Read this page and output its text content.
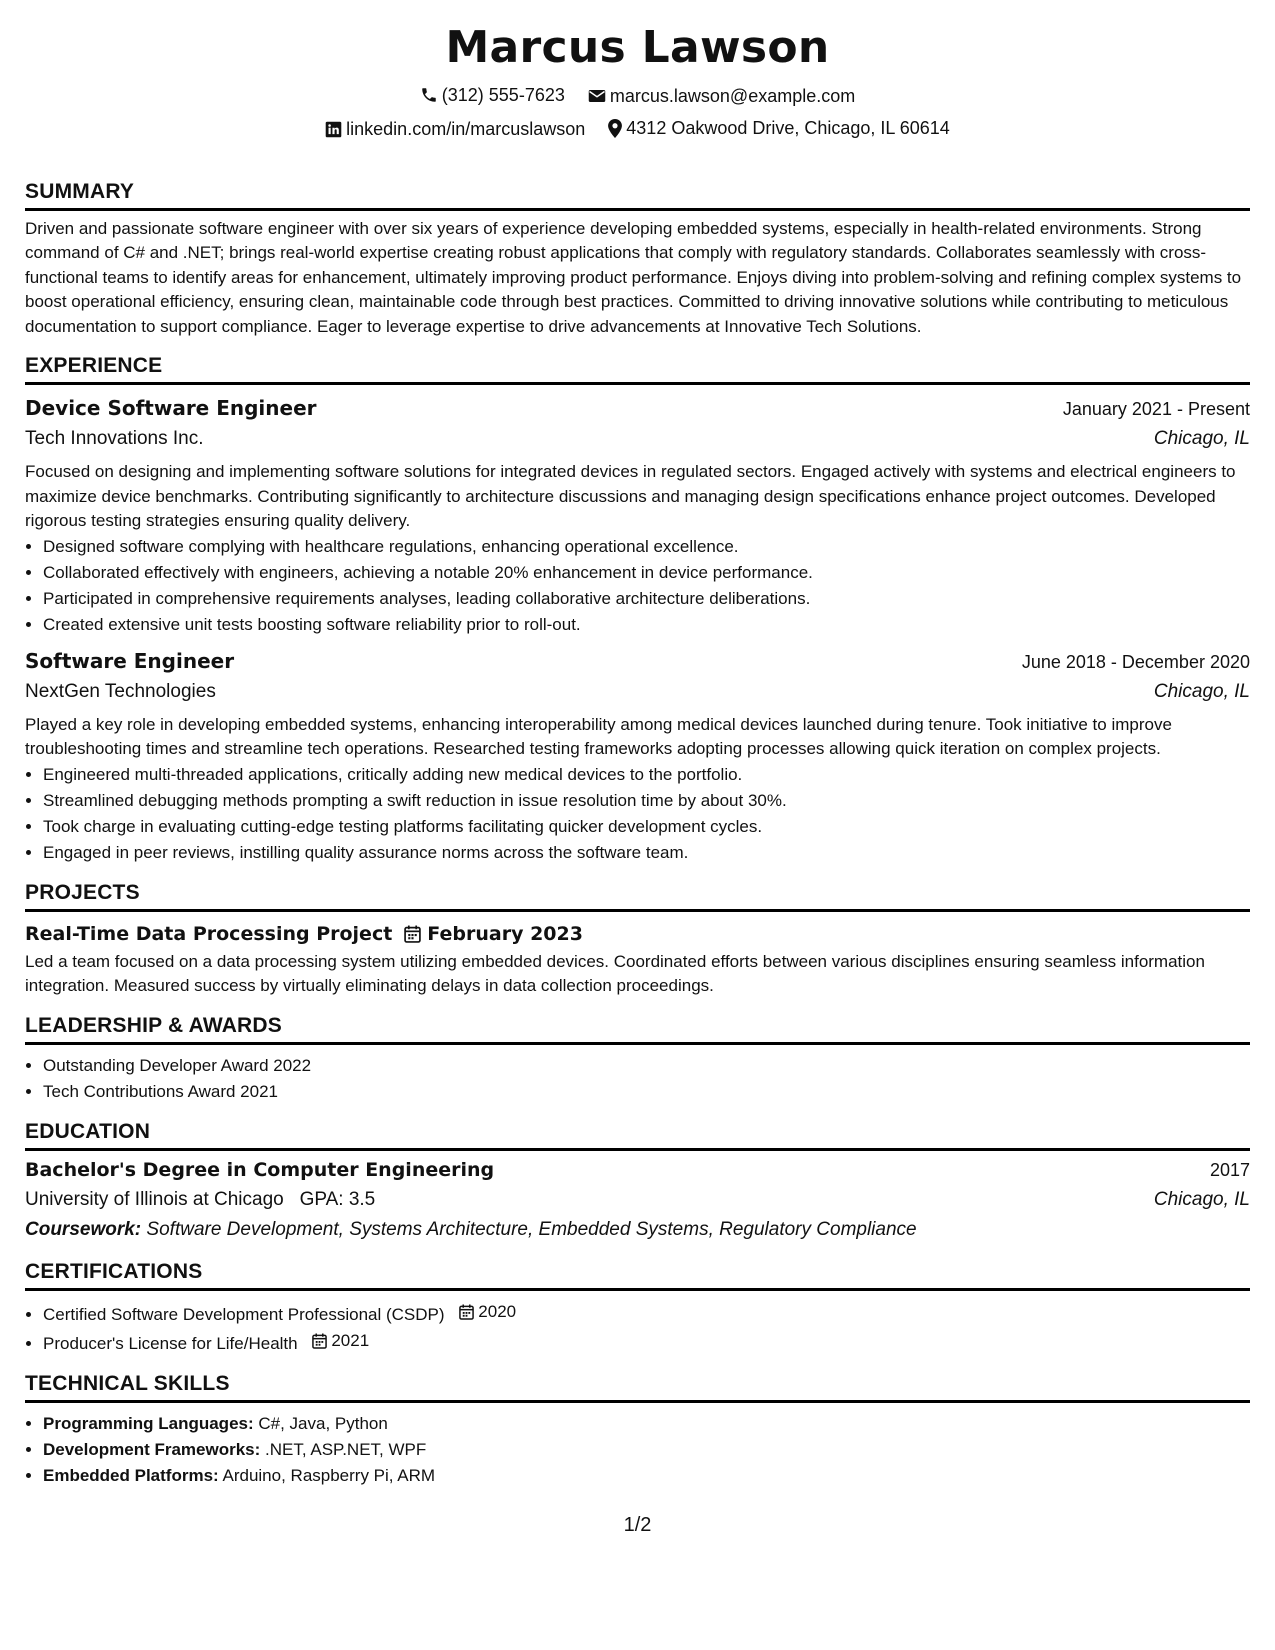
Marcus Lawson
(312) 555-7623
	marcus.lawson@example.com
linkedin.com/in/marcuslawson
4312 Oakwood Drive, Chicago, IL 60614
SUMMARY

Driven and passionate software engineer with over six years of experience developing embedded systems, especially in health-related environments. Strong command of C# and .NET; brings real-world expertise creating robust applications that comply with regulatory standards. Collaborates seamlessly with cross-functional teams to identify areas for enhancement, ultimately improving product performance. Enjoys diving into problem-solving and refining complex systems to boost operational efficiency, ensuring clean, maintainable code through best practices. Committed to driving innovative solutions while contributing to meticulous documentation to support compliance. Eager to leverage expertise to drive advancements at Innovative Tech Solutions.

EXPERIENCE
Device Software Engineer	January 2021 - Present
Tech Innovations Inc.	Chicago, IL

Focused on designing and implementing software solutions for integrated devices in regulated sectors. Engaged actively with systems and electrical engineers to maximize device benchmarks. Contributing significantly to architecture discussions and managing design specifications enhance project outcomes. Developed rigorous testing strategies ensuring quality delivery.

• Designed software complying with healthcare regulations, enhancing operational excellence.
• Collaborated effectively with engineers, achieving a notable 20% enhancement in device performance.
• Participated in comprehensive requirements analyses, leading collaborative architecture deliberations.
• Created extensive unit tests boosting software reliability prior to roll-out.
Software Engineer	June 2018 - December 2020
NextGen Technologies	Chicago, IL

Played a key role in developing embedded systems, enhancing interoperability among medical devices launched during tenure. Took initiative to improve troubleshooting times and streamline tech operations. Researched testing frameworks adopting processes allowing quick iteration on complex projects.

• Engineered multi-threaded applications, critically adding new medical devices to the portfolio.
• Streamlined debugging methods prompting a swift reduction in issue resolution time by about 30%.
• Took charge in evaluating cutting-edge testing platforms facilitating quicker development cycles.
• Engaged in peer reviews, instilling quality assurance norms across the software team.
PROJECTS
Real-Time Data Processing Project February 2023

Led a team focused on a data processing system utilizing embedded devices. Coordinated efforts between various disciplines ensuring seamless information integration. Measured success by virtually eliminating delays in data collection proceedings.

LEADERSHIP & AWARDS
• Outstanding Developer Award 2022
• Tech Contributions Award 2021
EDUCATION
Bachelor's Degree in Computer Engineering	2017
University of Illinois at Chicago GPA: 3.5	Chicago, IL
Coursework: Software Development, Systems Architecture, Embedded Systems, Regulatory Compliance
CERTIFICATIONS
• Certified Software Development Professional (CSDP) 2020
• Producer's License for Life/Health 2021
TECHNICAL SKILLS
• Programming Languages: C#, Java, Python
• Development Frameworks: .NET, ASP.NET, WPF
• Embedded Platforms: Arduino, Raspberry Pi, ARM
1/2
